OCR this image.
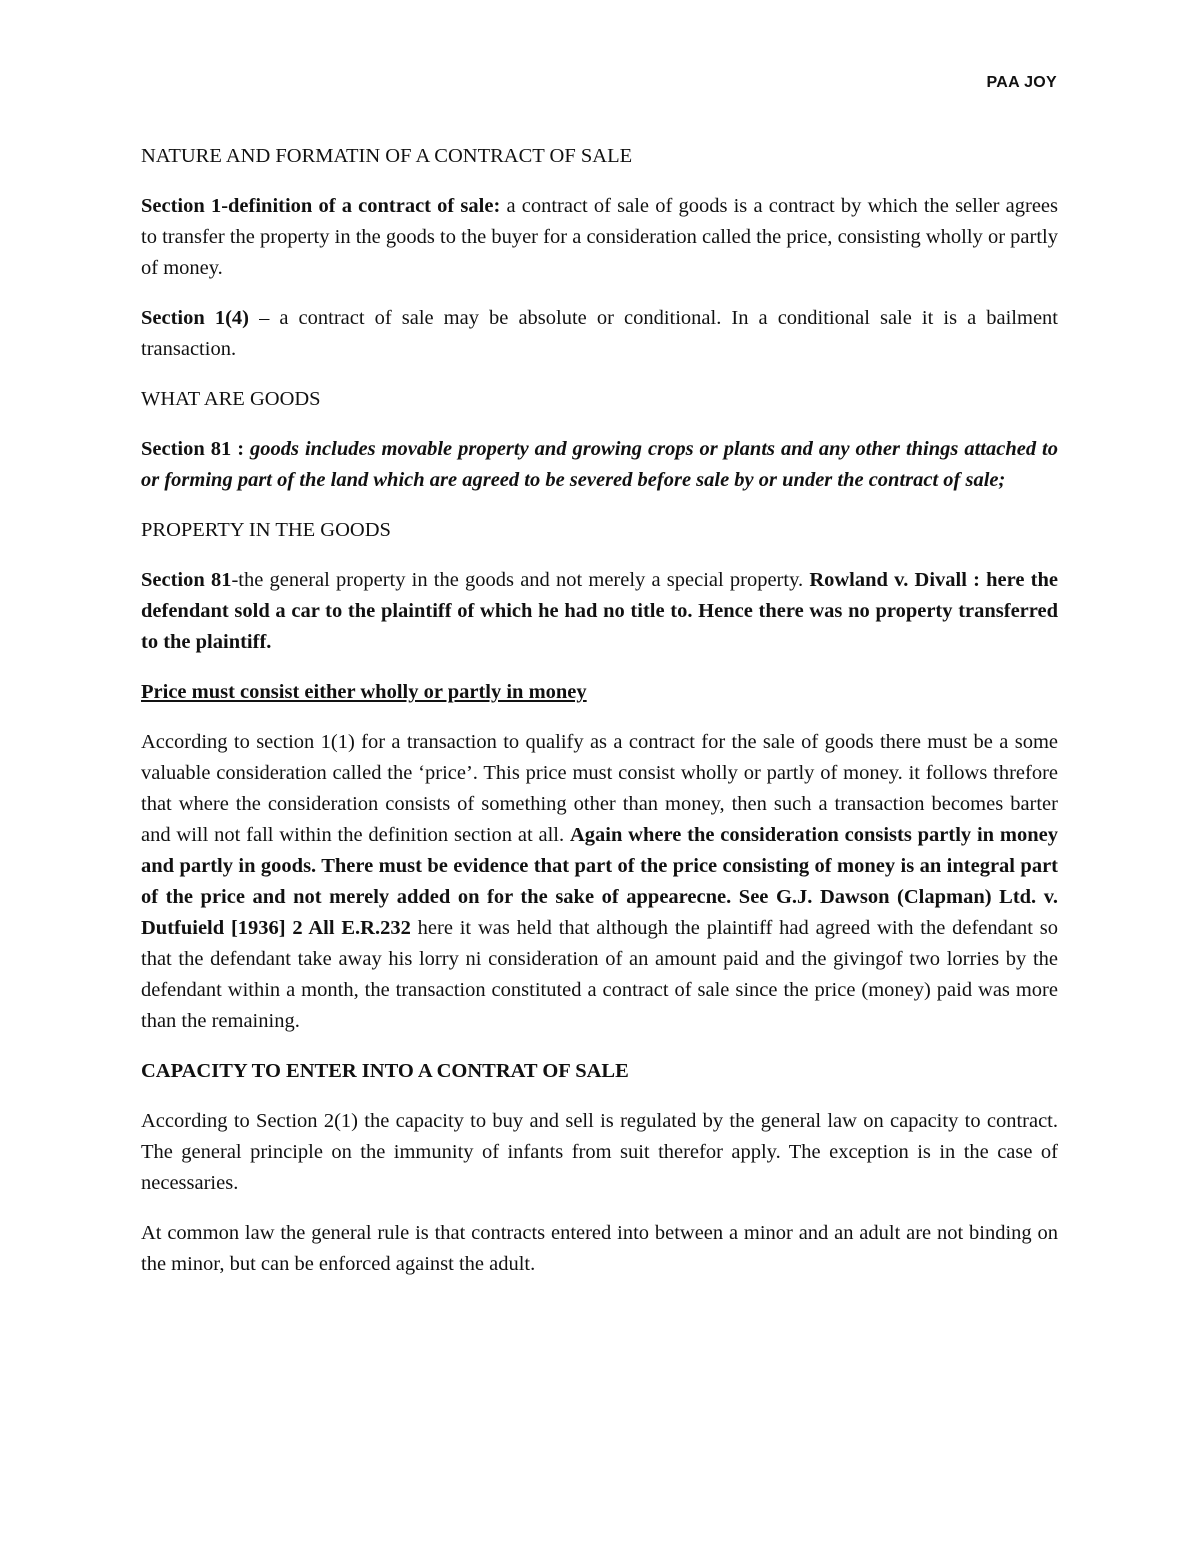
PAA JOY

NATURE AND FORMATIN OF A CONTRACT OF SALE

Section 1-definition of a contract of sale: a contract of sale of goods is a contract by which the seller agrees to transfer the property in the goods to the buyer for a consideration called the price, consisting wholly or partly of money.

Section 1(4) – a contract of sale may be absolute or conditional. In a conditional sale it is a bailment transaction.

WHAT ARE GOODS

Section 81 : goods includes movable property and growing crops or plants and any other things attached to or forming part of the land which are agreed to be severed before sale by or under the contract of sale;

PROPERTY IN THE GOODS

Section 81-the general property in the goods and not merely a special property. Rowland v. Divall : here the defendant sold a car to the plaintiff of which he had no title to. Hence there was no property transferred to the plaintiff.

Price must consist either wholly or partly in money

According to section 1(1) for a transaction to qualify as a contract for the sale of goods there must be a some valuable consideration called the ‘price’. This price must consist wholly or partly of money. it follows threfore that where the consideration consists of something other than money, then such a transaction becomes barter and will not fall within the definition section at all. Again where the consideration consists partly in money and partly in goods. There must be evidence that part of the price consisting of money is an integral part of the price and not merely added on for the sake of appearecne. See G.J. Dawson (Clapman) Ltd. v. Dutfuield [1936] 2 All E.R.232 here it was held that although the plaintiff had agreed with the defendant so that the defendant take away his lorry ni consideration of an amount paid and the givingof two lorries by the defendant within a month, the transaction constituted a contract of sale since the price (money) paid was more than the remaining.

CAPACITY TO ENTER INTO A CONTRAT OF SALE

According to Section 2(1) the capacity to buy and sell is regulated by the general law on capacity to contract. The general principle on the immunity of infants from suit therefor apply. The exception is in the case of necessaries.

At common law the general rule is that contracts entered into between a minor and an adult are not binding on the minor, but can be enforced against the adult.
